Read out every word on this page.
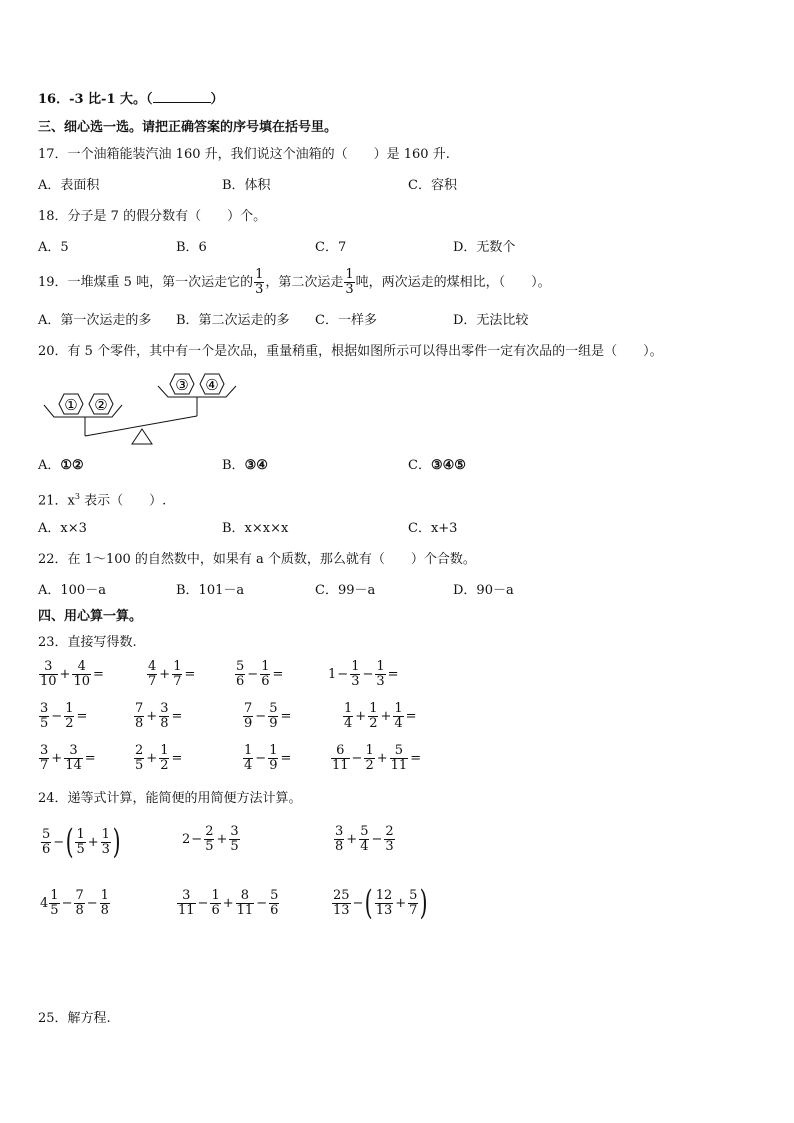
16．-3 比-1 大。（	）
三、细心选一选。请把正确答案的序号填在括号里。
17．一个油箱能装汽油 160 升，我们说这个油箱的（　　）是 160 升.
A．表面积	B．体积	C．容积
18．分子是 7 的假分数有（　　）个。
A．5	B．6	C．7	D．无数个
19．一堆煤重 5 吨，第一次运走它的 $\frac{1}{3}$ ，第二次运走 $\frac{1}{3}$ 吨，两次运走的煤相比，（　　）。
A．第一次运走的多 B．第二次运走的多 C．一样多	D．无法比较
20．有 5 个零件，其中有一个是次品，重量稍重，根据如图所示可以得出零件一定有次品的一组是（　　）。
① ②
③ ④
A．①②	B．③④	C．③④⑤
21．$x^3$ 表示（　　）.
A．x×3	B．x×x×x	C．x+3
22．在 1～100 的自然数中，如果有 a 个质数，那么就有（　　）个合数。
A．100－a	B．101－a	C．99－a	D．90－a
四、用心算一算。
23．直接写得数.
$\frac{3}{10} + \frac{4}{10}$ =	$\frac{4}{7} + \frac{1}{7}$ =	$\frac{5}{6} - \frac{1}{6}$ =	$1 - \frac{1}{3} - \frac{1}{3}$ =
$\frac{3}{5} - \frac{1}{2}$ =	$\frac{7}{8} + \frac{3}{8}$ =	$\frac{7}{9} - \frac{5}{9}$ =	$\frac{1}{4} + \frac{1}{2} + \frac{1}{4}$ =
$\frac{3}{7} + \frac{3}{14}$ =	$\frac{2}{5} + \frac{1}{2}$ =	$\frac{1}{4} - \frac{1}{9}$ =	$\frac{6}{11} - \frac{1}{2} + \frac{5}{11}$ =
24．递等式计算，能简便的用简便方法计算。
$\frac{5}{6}$ − ( $\frac{1}{5} + \frac{1}{3}$ )	$2 - \frac{2}{5} + \frac{3}{5}$	$\frac{3}{8} + \frac{5}{4} - \frac{2}{3}$
$4 \frac{1}{5} - \frac{7}{8} - \frac{1}{8}$	$\frac{3}{11} - \frac{1}{6} + \frac{8}{11} - \frac{5}{6}$	$\frac{25}{13}$ − ( $\frac{12}{13} + \frac{5}{7}$ )
25．解方程.
